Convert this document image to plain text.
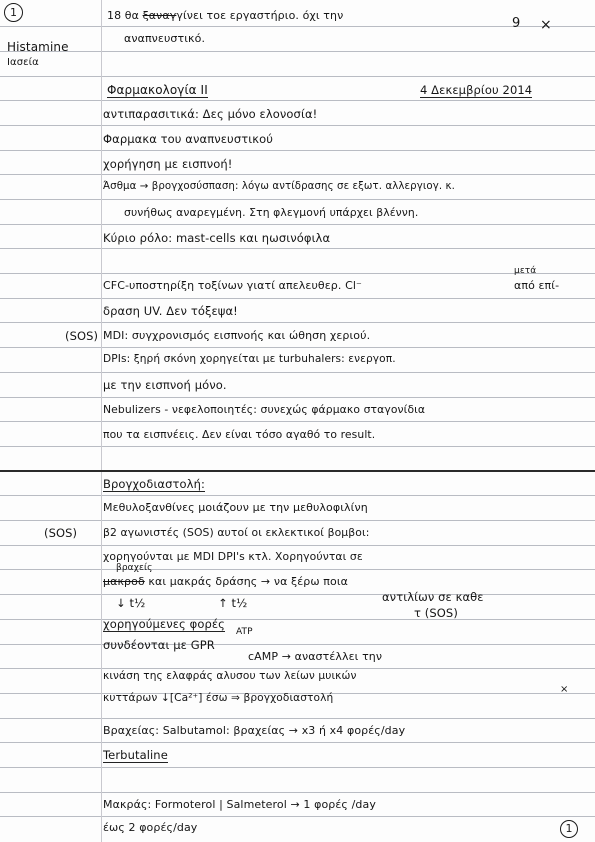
1
Histamine
Ιασεία
18 θα ξαναγγίνει τοε εργαστήριο. όχι την
αναπνευστικό.
9 ×
Φαρμακολογία ΙΙ	4 Δεκεμβρίου 2014
αντιπαρασιτικά: Δες μόνο ελονοσία!
Φαρμακα του αναπνευστικού
χορήγηση με εισπνοή!
Άσθμα → βρογχοσύσπαση: λόγω αντίδρασης σε εξωτ. αλλεργιογ. κ.
συνήθως αναρεγμένη. Στη φλεγμονή υπάρχει βλέννη.
Κύριο ρόλο: mast-cells και ηωσινόφιλα
CFC-υποστηρίξη τοξίνων γιατί απελευθερ. Cl⁻
μετά
από επί-
δραση UV. Δεν τόξεψα!
(SOS) MDI: συγχρονισμός εισπνοής και ώθηση χεριού.
DPIs: ξηρή σκόνη χορηγείται με turbuhalers: ενεργοπ.
με την εισπνοή μόνο.
Nebulizers - νεφελοποιητές: συνεχώς φάρμακο σταγονίδια
που τα εισπνέεις. Δεν είναι τόσο αγαθό το result.
Βρογχοδιαστολή:
Μεθυλοξανθίνες μοιάζουν με την μεθυλοφιλίνη
(SOS) β2 αγωνιστές (SOS) αυτοί οι εκλεκτικοί βομβοι:
χορηγούνται με MDI DPI's κτλ. Χορηγούνται σε
βραχείς
μακροδ και μακράς δράσης → να ξέρω ποια
↓ t½	↑ t½	αντιλίων σε καθε
χορηγούμενες φορές
τ (SOS)
συνδέονται με GPR
ATP
cAMP → αναστέλλει την
κινάση της ελαφράς αλυσου των λείων μυικών
κυττάρων ↓[Ca²⁺] έσω ⇒ βρογχοδιαστολή
×
Βραχείας: Salbutamol: βραχείας → x3 ή x4 φορές/day
Terbutaline
Μακράς: Formoterol | Salmeterol → 1 φορές /day
έως 2 φορές/day	1
